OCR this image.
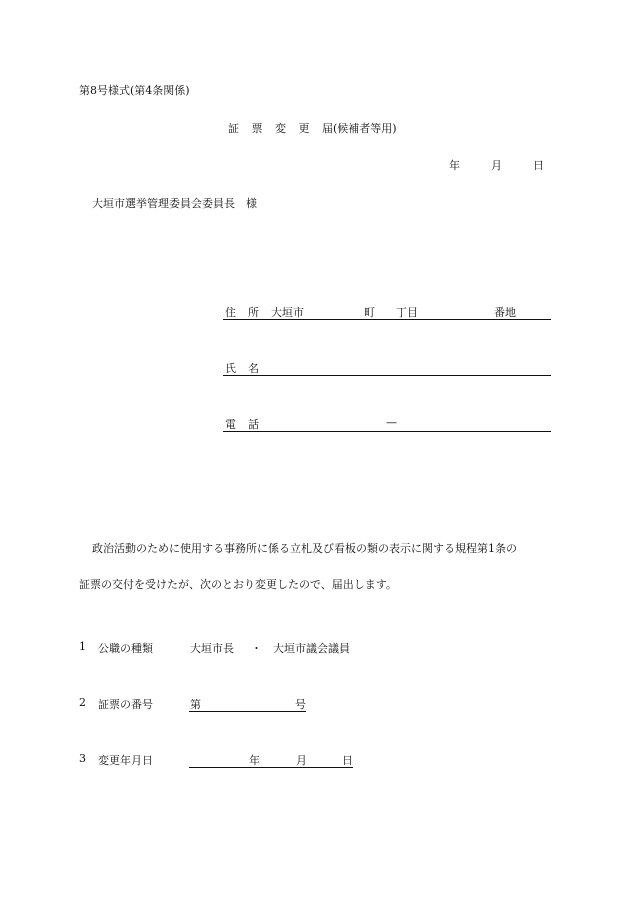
第8号様式(第4条関係)
証 票 変 更 届(候補者等用)
年	月	日
大垣市選挙管理委員会委員長　様
住 所 大垣市	町 丁目	番地
氏 名
電 話	—
政治活動のために使用する事務所に係る立札及び看板の類の表示に関する規程第1条の
証票の交付を受けたが、次のとおり変更したので、届出します。
1 公職の種類	大垣市長 ・ 大垣市議会議員
2 証票の番号	第	号
3 変更年月日	年	月	日
